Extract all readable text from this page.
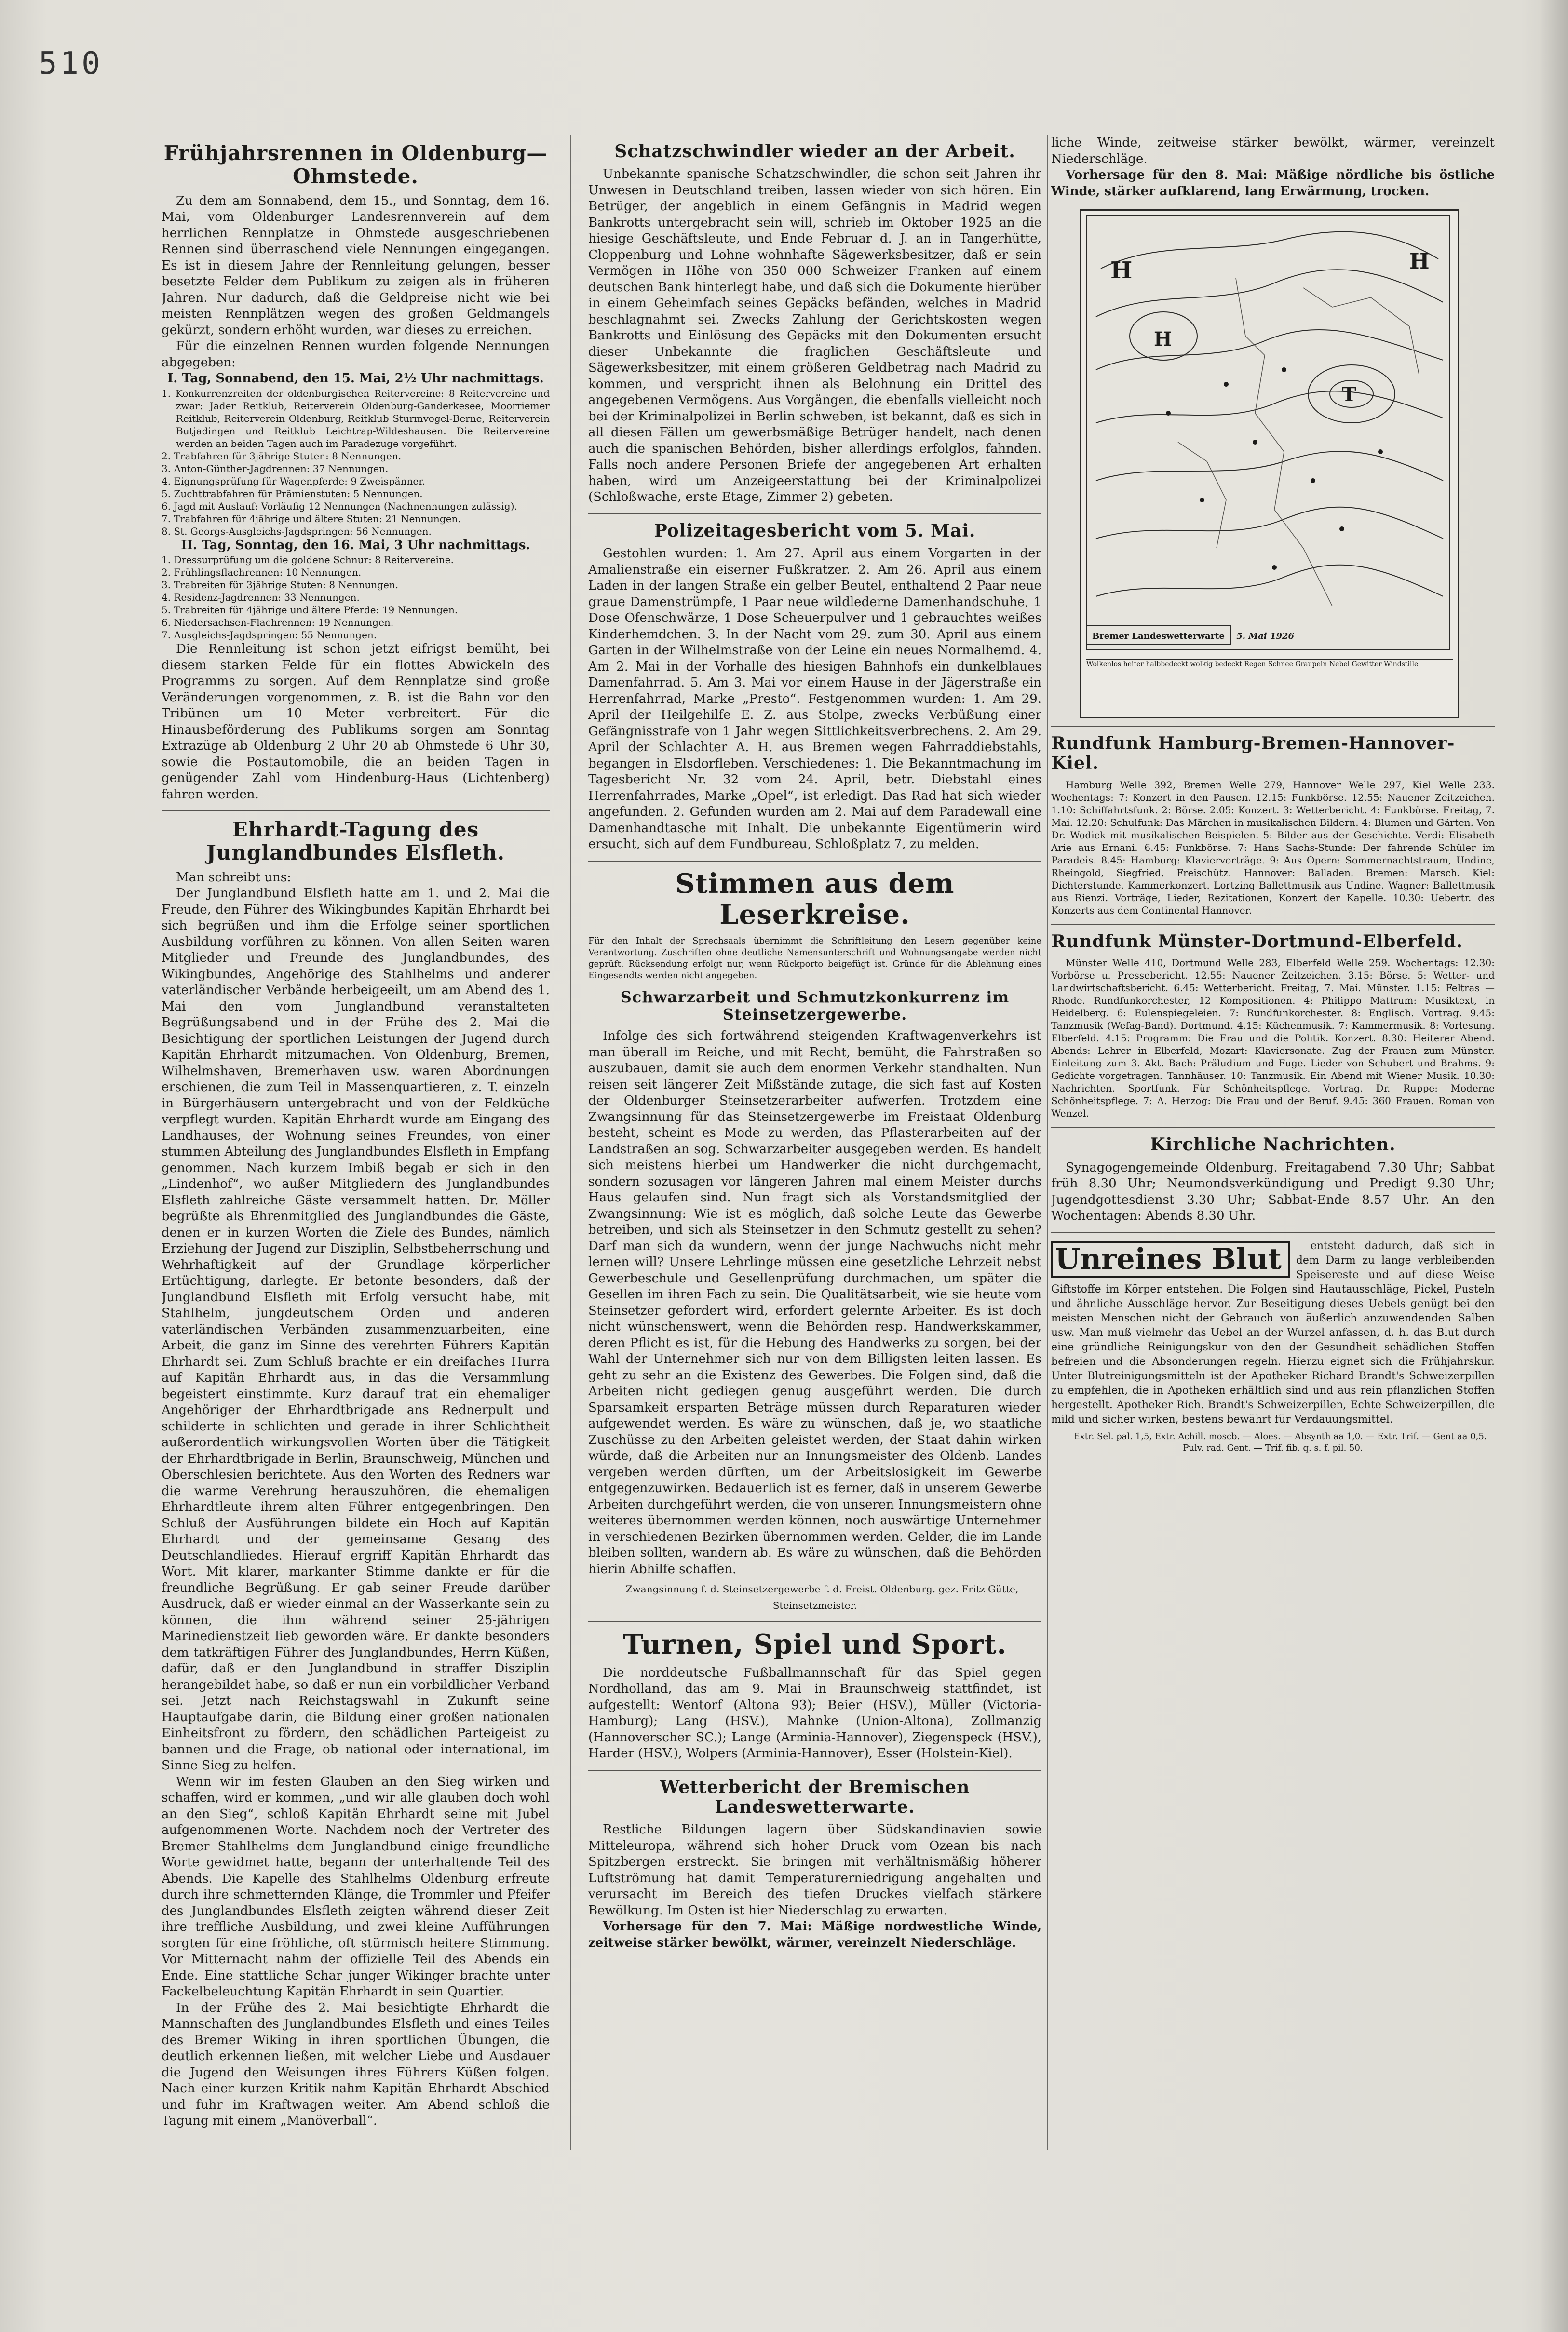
510
Frühjahrsrennen in Oldenburg—Ohmstede.

Zu dem am Sonnabend, dem 15., und Sonntag, dem 16. Mai, vom Oldenburger Landesrennverein auf dem herrlichen Rennplatze in Ohmstede ausgeschriebenen Rennen sind überraschend viele Nennungen eingegangen. Es ist in diesem Jahre der Rennleitung gelungen, besser besetzte Felder dem Publikum zu zeigen als in früheren Jahren. Nur dadurch, daß die Geldpreise nicht wie bei meisten Rennplätzen wegen des großen Geldmangels gekürzt, sondern erhöht wurden, war dieses zu erreichen.

Für die einzelnen Rennen wurden folgende Nennungen abgegeben:

I. Tag, Sonnabend, den 15. Mai, 2½ Uhr nachmittags.

1. Konkurrenzreiten der oldenburgischen Reitervereine: 8 Reitervereine und zwar: Jader Reitklub, Reiterverein Oldenburg-Ganderkesee, Moorriemer Reitklub, Reiterverein Oldenburg, Reitklub Sturmvogel-Berne, Reiterverein Butjadingen und Reitklub Leichtrap-Wildeshausen. Die Reitervereine werden an beiden Tagen auch im Paradezuge vorgeführt.

2. Trabfahren für 3jährige Stuten: 8 Nennungen.

3. Anton-Günther-Jagdrennen: 37 Nennungen.

4. Eignungsprüfung für Wagenpferde: 9 Zweispänner.

5. Zuchttrabfahren für Prämienstuten: 5 Nennungen.

6. Jagd mit Auslauf: Vorläufig 12 Nennungen (Nachnennungen zulässig).

7. Trabfahren für 4jährige und ältere Stuten: 21 Nennungen.

8. St. Georgs-Ausgleichs-Jagdspringen: 56 Nennungen.

II. Tag, Sonntag, den 16. Mai, 3 Uhr nachmittags.

1. Dressurprüfung um die goldene Schnur: 8 Reitervereine.

2. Frühlingsflachrennen: 10 Nennungen.

3. Trabreiten für 3jährige Stuten: 8 Nennungen.

4. Residenz-Jagdrennen: 33 Nennungen.

5. Trabreiten für 4jährige und ältere Pferde: 19 Nennungen.

6. Niedersachsen-Flachrennen: 19 Nennungen.

7. Ausgleichs-Jagdspringen: 55 Nennungen.

Die Rennleitung ist schon jetzt eifrigst bemüht, bei diesem starken Felde für ein flottes Abwickeln des Programms zu sorgen. Auf dem Rennplatze sind große Veränderungen vorgenommen, z. B. ist die Bahn vor den Tribünen um 10 Meter verbreitert. Für die Hinausbeförderung des Publikums sorgen am Sonntag Extrazüge ab Oldenburg 2 Uhr 20 ab Ohmstede 6 Uhr 30, sowie die Postautomobile, die an beiden Tagen in genügender Zahl vom Hindenburg-Haus (Lichtenberg) fahren werden.

Ehrhardt-Tagung des Junglandbundes Elsfleth.

Man schreibt uns:

Der Junglandbund Elsfleth hatte am 1. und 2. Mai die Freude, den Führer des Wikingbundes Kapitän Ehrhardt bei sich begrüßen und ihm die Erfolge seiner sportlichen Ausbildung vorführen zu können. Von allen Seiten waren Mitglieder und Freunde des Junglandbundes, des Wikingbundes, Angehörige des Stahlhelms und anderer vaterländischer Verbände herbeigeeilt, um am Abend des 1. Mai den vom Junglandbund veranstalteten Begrüßungsabend und in der Frühe des 2. Mai die Besichtigung der sportlichen Leistungen der Jugend durch Kapitän Ehrhardt mitzumachen. Von Oldenburg, Bremen, Wilhelmshaven, Bremerhaven usw. waren Abordnungen erschienen, die zum Teil in Massenquartieren, z. T. einzeln in Bürgerhäusern untergebracht und von der Feldküche verpflegt wurden. Kapitän Ehrhardt wurde am Eingang des Landhauses, der Wohnung seines Freundes, von einer stummen Abteilung des Junglandbundes Elsfleth in Empfang genommen. Nach kurzem Imbiß begab er sich in den „Lindenhof“, wo außer Mitgliedern des Junglandbundes Elsfleth zahlreiche Gäste versammelt hatten. Dr. Möller begrüßte als Ehrenmitglied des Junglandbundes die Gäste, denen er in kurzen Worten die Ziele des Bundes, nämlich Erziehung der Jugend zur Disziplin, Selbstbeherrschung und Wehrhaftigkeit auf der Grundlage körperlicher Ertüchtigung, darlegte. Er betonte besonders, daß der Junglandbund Elsfleth mit Erfolg versucht habe, mit Stahlhelm, jungdeutschem Orden und anderen vaterländischen Verbänden zusammenzuarbeiten, eine Arbeit, die ganz im Sinne des verehrten Führers Kapitän Ehrhardt sei. Zum Schluß brachte er ein dreifaches Hurra auf Kapitän Ehrhardt aus, in das die Versammlung begeistert einstimmte. Kurz darauf trat ein ehemaliger Angehöriger der Ehrhardtbrigade ans Rednerpult und schilderte in schlichten und gerade in ihrer Schlichtheit außerordentlich wirkungsvollen Worten über die Tätigkeit der Ehrhardtbrigade in Berlin, Braunschweig, München und Oberschlesien berichtete. Aus den Worten des Redners war die warme Verehrung herauszuhören, die ehemaligen Ehrhardtleute ihrem alten Führer entgegenbringen. Den Schluß der Ausführungen bildete ein Hoch auf Kapitän Ehrhardt und der gemeinsame Gesang des Deutschlandliedes. Hierauf ergriff Kapitän Ehrhardt das Wort. Mit klarer, markanter Stimme dankte er für die freundliche Begrüßung. Er gab seiner Freude darüber Ausdruck, daß er wieder einmal an der Wasserkante sein zu können, die ihm während seiner 25-jährigen Marinedienstzeit lieb geworden wäre. Er dankte besonders dem tatkräftigen Führer des Junglandbundes, Herrn Küßen, dafür, daß er den Junglandbund in straffer Disziplin herangebildet habe, so daß er nun ein vorbildlicher Verband sei. Jetzt nach Reichstagswahl in Zukunft seine Hauptaufgabe darin, die Bildung einer großen nationalen Einheitsfront zu fördern, den schädlichen Parteigeist zu bannen und die Frage, ob national oder international, im Sinne Sieg zu helfen.

Wenn wir im festen Glauben an den Sieg wirken und schaffen, wird er kommen, „und wir alle glauben doch wohl an den Sieg“, schloß Kapitän Ehrhardt seine mit Jubel aufgenommenen Worte. Nachdem noch der Vertreter des Bremer Stahlhelms dem Junglandbund einige freundliche Worte gewidmet hatte, begann der unterhaltende Teil des Abends. Die Kapelle des Stahlhelms Oldenburg erfreute durch ihre schmetternden Klänge, die Trommler und Pfeifer des Junglandbundes Elsfleth zeigten während dieser Zeit ihre treffliche Ausbildung, und zwei kleine Aufführungen sorgten für eine fröhliche, oft stürmisch heitere Stimmung. Vor Mitternacht nahm der offizielle Teil des Abends ein Ende. Eine stattliche Schar junger Wikinger brachte unter Fackelbeleuchtung Kapitän Ehrhardt in sein Quartier.

In der Frühe des 2. Mai besichtigte Ehrhardt die Mannschaften des Junglandbundes Elsfleth und eines Teiles des Bremer Wiking in ihren sportlichen Übungen, die deutlich erkennen ließen, mit welcher Liebe und Ausdauer die Jugend den Weisungen ihres Führers Küßen folgen. Nach einer kurzen Kritik nahm Kapitän Ehrhardt Abschied und fuhr im Kraftwagen weiter. Am Abend schloß die Tagung mit einem „Manöverball“.

Schatzschwindler wieder an der Arbeit.

Unbekannte spanische Schatzschwindler, die schon seit Jahren ihr Unwesen in Deutschland treiben, lassen wieder von sich hören. Ein Betrüger, der angeblich in einem Gefängnis in Madrid wegen Bankrotts untergebracht sein will, schrieb im Oktober 1925 an die hiesige Geschäftsleute, und Ende Februar d. J. an in Tangerhütte, Cloppenburg und Lohne wohnhafte Sägewerksbesitzer, daß er sein Vermögen in Höhe von 350 000 Schweizer Franken auf einem deutschen Bank hinterlegt habe, und daß sich die Dokumente hierüber in einem Geheimfach seines Gepäcks befänden, welches in Madrid beschlagnahmt sei. Zwecks Zahlung der Gerichtskosten wegen Bankrotts und Einlösung des Gepäcks mit den Dokumenten ersucht dieser Unbekannte die fraglichen Geschäftsleute und Sägewerksbesitzer, mit einem größeren Geldbetrag nach Madrid zu kommen, und verspricht ihnen als Belohnung ein Drittel des angegebenen Vermögens. Aus Vorgängen, die ebenfalls vielleicht noch bei der Kriminalpolizei in Berlin schweben, ist bekannt, daß es sich in all diesen Fällen um gewerbsmäßige Betrüger handelt, nach denen auch die spanischen Behörden, bisher allerdings erfolglos, fahnden. Falls noch andere Personen Briefe der angegebenen Art erhalten haben, wird um Anzeigeerstattung bei der Kriminalpolizei (Schloßwache, erste Etage, Zimmer 2) gebeten.

Polizeitagesbericht vom 5. Mai.

Gestohlen wurden: 1. Am 27. April aus einem Vorgarten in der Amalienstraße ein eiserner Fußkratzer. 2. Am 26. April aus einem Laden in der langen Straße ein gelber Beutel, enthaltend 2 Paar neue graue Damenstrümpfe, 1 Paar neue wildlederne Damenhandschuhe, 1 Dose Ofenschwärze, 1 Dose Scheuerpulver und 1 gebrauchtes weißes Kinderhemdchen. 3. In der Nacht vom 29. zum 30. April aus einem Garten in der Wilhelmstraße von der Leine ein neues Normalhemd. 4. Am 2. Mai in der Vorhalle des hiesigen Bahnhofs ein dunkelblaues Damenfahrrad. 5. Am 3. Mai vor einem Hause in der Jägerstraße ein Herrenfahrrad, Marke „Presto“. Festgenommen wurden: 1. Am 29. April der Heilgehilfe E. Z. aus Stolpe, zwecks Verbüßung einer Gefängnisstrafe von 1 Jahr wegen Sittlichkeitsverbrechens. 2. Am 29. April der Schlachter A. H. aus Bremen wegen Fahrraddiebstahls, begangen in Elsdorfleben. Verschiedenes: 1. Die Bekanntmachung im Tagesbericht Nr. 32 vom 24. April, betr. Diebstahl eines Herrenfahrrades, Marke „Opel“, ist erledigt. Das Rad hat sich wieder angefunden. 2. Gefunden wurden am 2. Mai auf dem Paradewall eine Damenhandtasche mit Inhalt. Die unbekannte Eigentümerin wird ersucht, sich auf dem Fundbureau, Schloßplatz 7, zu melden.

Stimmen aus dem Leserkreise.

Für den Inhalt der Sprechsaals übernimmt die Schriftleitung den Lesern gegenüber keine Verantwortung. Zuschriften ohne deutliche Namensunterschrift und Wohnungsangabe werden nicht geprüft. Rücksendung erfolgt nur, wenn Rückporto beigefügt ist. Gründe für die Ablehnung eines Eingesandts werden nicht angegeben.

Schwarzarbeit und Schmutzkonkurrenz im Steinsetzergewerbe.

Infolge des sich fortwährend steigenden Kraftwagenverkehrs ist man überall im Reiche, und mit Recht, bemüht, die Fahrstraßen so auszubauen, damit sie auch dem enormen Verkehr standhalten. Nun reisen seit längerer Zeit Mißstände zutage, die sich fast auf Kosten der Oldenburger Steinsetzerarbeiter aufwerfen. Trotzdem eine Zwangsinnung für das Steinsetzergewerbe im Freistaat Oldenburg besteht, scheint es Mode zu werden, das Pflasterarbeiten auf der Landstraßen an sog. Schwarzarbeiter ausgegeben werden. Es handelt sich meistens hierbei um Handwerker die nicht durchgemacht, sondern sozusagen vor längeren Jahren mal einem Meister durchs Haus gelaufen sind. Nun fragt sich als Vorstandsmitglied der Zwangsinnung: Wie ist es möglich, daß solche Leute das Gewerbe betreiben, und sich als Steinsetzer in den Schmutz gestellt zu sehen? Darf man sich da wundern, wenn der junge Nachwuchs nicht mehr lernen will? Unsere Lehrlinge müssen eine gesetzliche Lehrzeit nebst Gewerbeschule und Gesellenprüfung durchmachen, um später die Gesellen im ihren Fach zu sein. Die Qualitätsarbeit, wie sie heute vom Steinsetzer gefordert wird, erfordert gelernte Arbeiter. Es ist doch nicht wünschenswert, wenn die Behörden resp. Handwerkskammer, deren Pflicht es ist, für die Hebung des Handwerks zu sorgen, bei der Wahl der Unternehmer sich nur von dem Billigsten leiten lassen. Es geht zu sehr an die Existenz des Gewerbes. Die Folgen sind, daß die Arbeiten nicht gediegen genug ausgeführt werden. Die durch Sparsamkeit ersparten Beträge müssen durch Reparaturen wieder aufgewendet werden. Es wäre zu wünschen, daß je, wo staatliche Zuschüsse zu den Arbeiten geleistet werden, der Staat dahin wirken würde, daß die Arbeiten nur an Innungsmeister des Oldenb. Landes vergeben werden dürften, um der Arbeitslosigkeit im Gewerbe entgegenzuwirken. Bedauerlich ist es ferner, daß in unserem Gewerbe Arbeiten durchgeführt werden, die von unseren Innungsmeistern ohne weiteres übernommen werden können, noch auswärtige Unternehmer in verschiedenen Bezirken übernommen werden. Gelder, die im Lande bleiben sollten, wandern ab. Es wäre zu wünschen, daß die Behörden hierin Abhilfe schaffen.

Zwangsinnung f. d. Steinsetzergewerbe f. d. Freist. Oldenburg. gez. Fritz Gütte, Steinsetzmeister.

Turnen, Spiel und Sport.

Die norddeutsche Fußballmannschaft für das Spiel gegen Nordholland, das am 9. Mai in Braunschweig stattfindet, ist aufgestellt: Wentorf (Altona 93); Beier (HSV.), Müller (Victoria-Hamburg); Lang (HSV.), Mahnke (Union-Altona), Zollmanzig (Hannoverscher SC.); Lange (Arminia-Hannover), Ziegenspeck (HSV.), Harder (HSV.), Wolpers (Arminia-Hannover), Esser (Holstein-Kiel).

Wetterbericht der Bremischen Landeswetterwarte.

Restliche Bildungen lagern über Südskandinavien sowie Mitteleuropa, während sich hoher Druck vom Ozean bis nach Spitzbergen erstreckt. Sie bringen mit verhältnismäßig höherer Luftströmung hat damit Temperaturerniedrigung angehalten und verursacht im Bereich des tiefen Druckes vielfach stärkere Bewölkung. Im Osten ist hier Niederschlag zu erwarten.

Vorhersage für den 7. Mai: Mäßige nordwestliche Winde, zeitweise stärker bewölkt, wärmer, vereinzelt Niederschläge.

liche Winde, zeitweise stärker bewölkt, wärmer, vereinzelt Niederschläge.

Vorhersage für den 8. Mai: Mäßige nördliche bis östliche Winde, stärker aufklarend, lang Erwärmung, trocken.

H
H
T
H
Bremer Landeswetterwarte 5. Mai 1926
Wolkenlos heiter halbbedeckt wolkig bedeckt Regen Schnee Graupeln Nebel Gewitter Windstille
Rundfunk Hamburg-Bremen-Hannover-Kiel.

Hamburg Welle 392, Bremen Welle 279, Hannover Welle 297, Kiel Welle 233. Wochentags: 7: Konzert in den Pausen. 12.15: Funkbörse. 12.55: Nauener Zeitzeichen. 1.10: Schiffahrtsfunk. 2: Börse. 2.05: Konzert. 3: Wetterbericht. 4: Funkbörse. Freitag, 7. Mai. 12.20: Schulfunk: Das Märchen in musikalischen Bildern. 4: Blumen und Gärten. Von Dr. Wodick mit musikalischen Beispielen. 5: Bilder aus der Geschichte. Verdi: Elisabeth Arie aus Ernani. 6.45: Funkbörse. 7: Hans Sachs-Stunde: Der fahrende Schüler im Paradeis. 8.45: Hamburg: Klaviervorträge. 9: Aus Opern: Sommernachtstraum, Undine, Rheingold, Siegfried, Freischütz. Hannover: Balladen. Bremen: Marsch. Kiel: Dichterstunde. Kammerkonzert. Lortzing Ballettmusik aus Undine. Wagner: Ballettmusik aus Rienzi. Vorträge, Lieder, Rezitationen, Konzert der Kapelle. 10.30: Uebertr. des Konzerts aus dem Continental Hannover.

Rundfunk Münster-Dortmund-Elberfeld.

Münster Welle 410, Dortmund Welle 283, Elberfeld Welle 259. Wochentags: 12.30: Vorbörse u. Pressebericht. 12.55: Nauener Zeitzeichen. 3.15: Börse. 5: Wetter- und Landwirtschaftsbericht. 6.45: Wetterbericht. Freitag, 7. Mai. Münster. 1.15: Feltras — Rhode. Rundfunkorchester, 12 Kompositionen. 4: Philippo Mattrum: Musiktext, in Heidelberg. 6: Eulenspiegeleien. 7: Rundfunkorchester. 8: Englisch. Vortrag. 9.45: Tanzmusik (Wefag-Band). Dortmund. 4.15: Küchenmusik. 7: Kammermusik. 8: Vorlesung. Elberfeld. 4.15: Programm: Die Frau und die Politik. Konzert. 8.30: Heiterer Abend. Abends: Lehrer in Elberfeld, Mozart: Klaviersonate. Zug der Frauen zum Münster. Einleitung zum 3. Akt. Bach: Präludium und Fuge. Lieder von Schubert und Brahms. 9: Gedichte vorgetragen. Tannhäuser. 10: Tanzmusik. Ein Abend mit Wiener Musik. 10.30: Nachrichten. Sportfunk. Für Schönheitspflege. Vortrag. Dr. Ruppe: Moderne Schönheitspflege. 7: A. Herzog: Die Frau und der Beruf. 9.45: 360 Frauen. Roman von Wenzel.

Kirchliche Nachrichten.

Synagogengemeinde Oldenburg. Freitagabend 7.30 Uhr; Sabbat früh 8.30 Uhr; Neumondsverkündigung und Predigt 9.30 Uhr; Jugendgottesdienst 3.30 Uhr; Sabbat-Ende 8.57 Uhr. An den Wochentagen: Abends 8.30 Uhr.

Unreines Blut	entsteht dadurch, daß sich in dem Darm zu lange verbleibenden Speisereste und auf diese Weise Giftstoffe im Körper entstehen. Die Folgen sind Hautausschläge, Pickel, Pusteln und ähnliche Ausschläge hervor. Zur Beseitigung dieses Uebels genügt bei den meisten Menschen nicht der Gebrauch von äußerlich anzuwendenden Salben usw. Man muß vielmehr das Uebel an der Wurzel anfassen, d. h. das Blut durch eine gründliche Reinigungskur von den der Gesundheit schädlichen Stoffen befreien und die Absonderungen regeln. Hierzu eignet sich die Frühjahrskur. Unter Blutreinigungsmitteln ist der Apotheker Richard Brandt's Schweizerpillen zu empfehlen, die in Apotheken erhältlich sind und aus rein pflanzlichen Stoffen hergestellt. Apotheker Rich. Brandt's Schweizerpillen, Echte Schweizerpillen, die mild und sicher wirken, bestens bewährt für Verdauungsmittel.

Extr. Sel. pal. 1,5, Extr. Achill. moscb. — Aloes. — Absynth aa 1,0. — Extr. Trif. — Gent aa 0,5. Pulv. rad. Gent. — Trif. fib. q. s. f. pil. 50.
